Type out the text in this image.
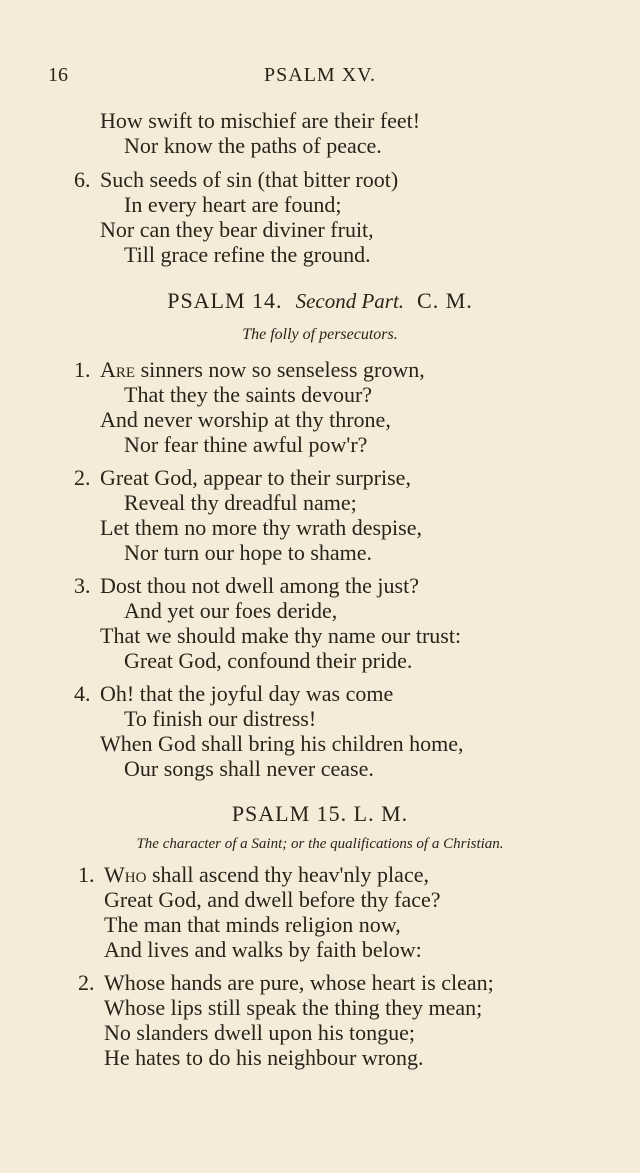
16	PSALM XV.
How swift to mischief are their feet!
Nor know the paths of peace.
6. Such seeds of sin (that bitter root)
In every heart are found;
Nor can they bear diviner fruit,
Till grace refine the ground.
PSALM 14. Second Part. C. M.
The folly of persecutors.
1. Are sinners now so senseless grown,
That they the saints devour?
And never worship at thy throne,
Nor fear thine awful pow'r?
2. Great God, appear to their surprise,
Reveal thy dreadful name;
Let them no more thy wrath despise,
Nor turn our hope to shame.
3. Dost thou not dwell among the just?
And yet our foes deride,
That we should make thy name our trust:
Great God, confound their pride.
4. Oh! that the joyful day was come
To finish our distress!
When God shall bring his children home,
Our songs shall never cease.
PSALM 15. L. M.
The character of a Saint; or the qualifications of a Christian.
1. Who shall ascend thy heav'nly place,
Great God, and dwell before thy face?
The man that minds religion now,
And lives and walks by faith below:
2. Whose hands are pure, whose heart is clean;
Whose lips still speak the thing they mean;
No slanders dwell upon his tongue;
He hates to do his neighbour wrong.
